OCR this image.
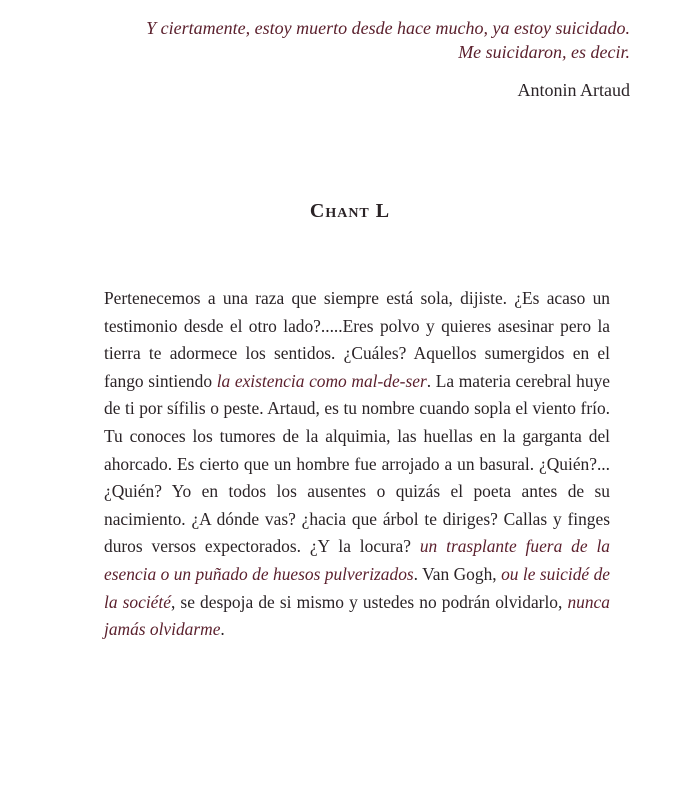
Y ciertamente, estoy muerto desde hace mucho, ya estoy suicidado.

Me suicidaron, es decir.

Antonin Artaud

Chant L

Pertenecemos a una raza que siempre está sola, dijiste. ¿Es acaso un testimonio desde el otro lado?.....Eres polvo y quieres asesinar pero la tierra te adormece los sentidos. ¿Cuáles? Aquellos sumergidos en el fango sintiendo la existencia como mal-de-ser. La materia cerebral huye de ti por sífilis o peste. Artaud, es tu nombre cuando sopla el viento frío. Tu conoces los tumores de la alquimia, las huellas en la garganta del ahorcado. Es cierto que un hombre fue arrojado a un basural. ¿Quién?...¿Quién? Yo en todos los ausentes o quizás el poeta antes de su nacimiento. ¿A dónde vas? ¿hacia que árbol te diriges? Callas y finges duros versos expectorados. ¿Y la locura? un trasplante fuera de la esencia o un puñado de huesos pulverizados. Van Gogh, ou le suicidé de la société, se despoja de si mismo y ustedes no podrán olvidarlo, nunca jamás olvidarme.
